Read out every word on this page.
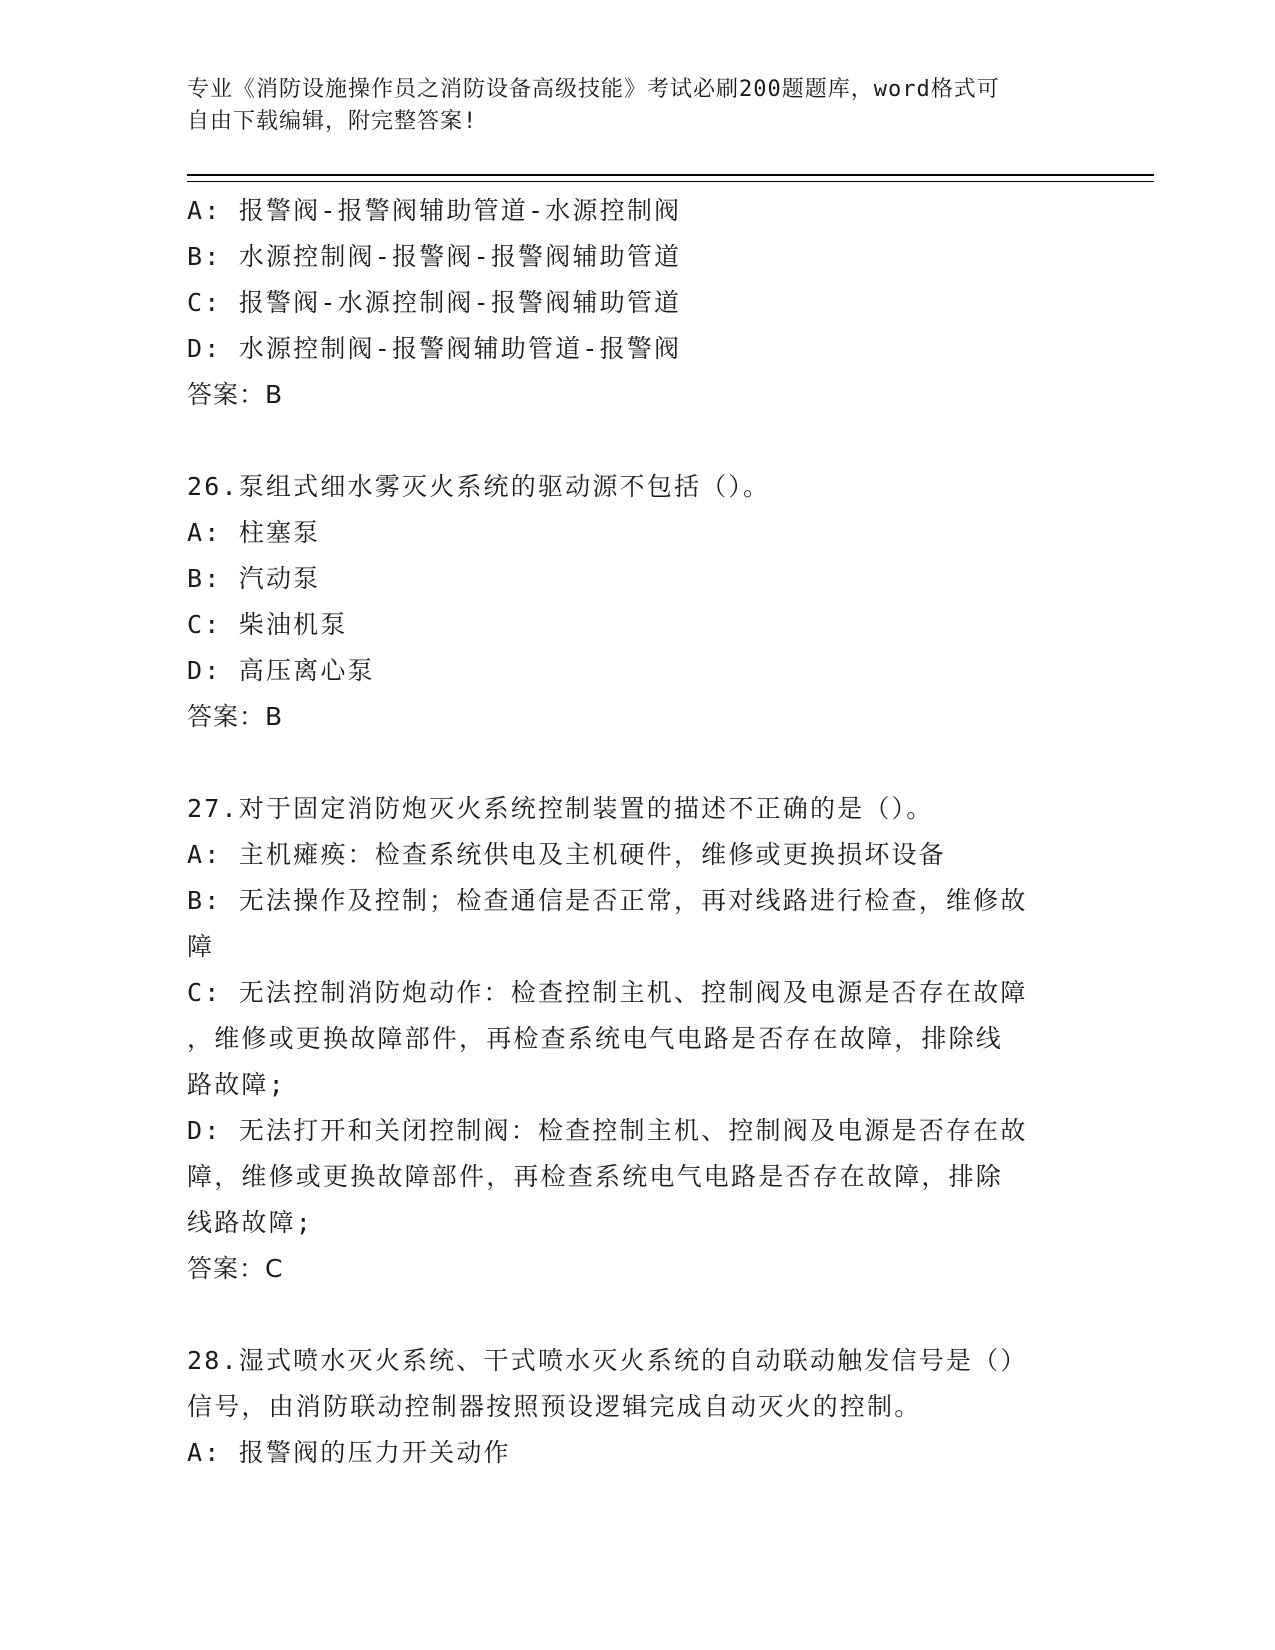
专业《消防设施操作员之消防设备高级技能》考试必刷200题题库，word格式可
自由下载编辑，附完整答案!
A: 报警阀-报警阀辅助管道-水源控制阀
B: 水源控制阀-报警阀-报警阀辅助管道
C: 报警阀-水源控制阀-报警阀辅助管道
D: 水源控制阀-报警阀辅助管道-报警阀
答案：B
26.泵组式细水雾灭火系统的驱动源不包括（）。
A: 柱塞泵
B: 汽动泵
C: 柴油机泵
D: 高压离心泵
答案：B
27.对于固定消防炮灭火系统控制装置的描述不正确的是（）。
A: 主机瘫痪：检查系统供电及主机硬件，维修或更换损坏设备
B: 无法操作及控制；检查通信是否正常，再对线路进行检查，维修故
障
C: 无法控制消防炮动作：检查控制主机、控制阀及电源是否存在故障
，维修或更换故障部件，再检查系统电气电路是否存在故障，排除线
路故障;
D: 无法打开和关闭控制阀：检查控制主机、控制阀及电源是否存在故
障，维修或更换故障部件，再检查系统电气电路是否存在故障，排除
线路故障;
答案：C
28.湿式喷水灭火系统、干式喷水灭火系统的自动联动触发信号是（）
信号，由消防联动控制器按照预设逻辑完成自动灭火的控制。
A: 报警阀的压力开关动作
